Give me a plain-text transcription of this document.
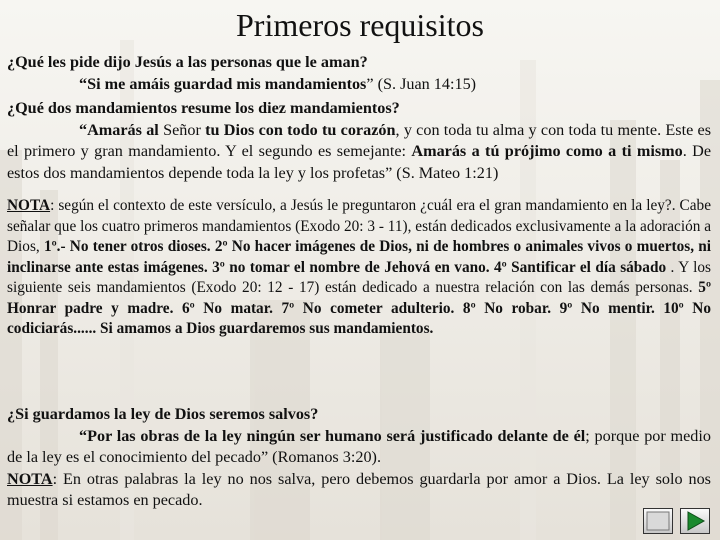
Primeros requisitos

¿Qué les pide dijo Jesús a las personas que le aman?

“Si me amáis guardad mis mandamientos” (S. Juan 14:15)

¿Qué dos mandamientos resume los diez mandamientos?

“Amarás al Señor tu Dios con todo tu corazón, y con toda tu alma y con toda tu mente. Este es el primero y gran mandamiento. Y el segundo es semejante: Amarás a tú prójimo como a ti mismo. De estos dos mandamientos depende toda la ley y los profetas” (S. Mateo 1:21)

NOTA: según el contexto de este versículo, a Jesús le preguntaron ¿cuál era el gran mandamiento en la ley?. Cabe señalar que los cuatro primeros mandamientos (Exodo 20: 3 - 11), están dedicados exclusivamente a la adoración a Dios, 1º.- No tener otros dioses. 2º No hacer imágenes de Dios, ni de hombres o animales vivos o muertos, ni inclinarse ante estas imágenes. 3º no tomar el nombre de Jehová en vano. 4º Santificar el día sábado . Y los siguiente seis mandamientos (Exodo 20: 12 - 17) están dedicado a nuestra relación con las demás personas. 5º Honrar padre y madre. 6º No matar. 7º No cometer adulterio. 8º No robar. 9º No mentir. 10º No codiciarás...... Si amamos a Dios guardaremos sus mandamientos.

¿Si guardamos la ley de Dios seremos salvos?

“Por las obras de la ley ningún ser humano será justificado delante de él; porque por medio de la ley es el conocimiento del pecado” (Romanos 3:20).

NOTA: En otras palabras la ley no nos salva, pero debemos guardarla por amor a Dios. La ley solo nos muestra si estamos en pecado.
